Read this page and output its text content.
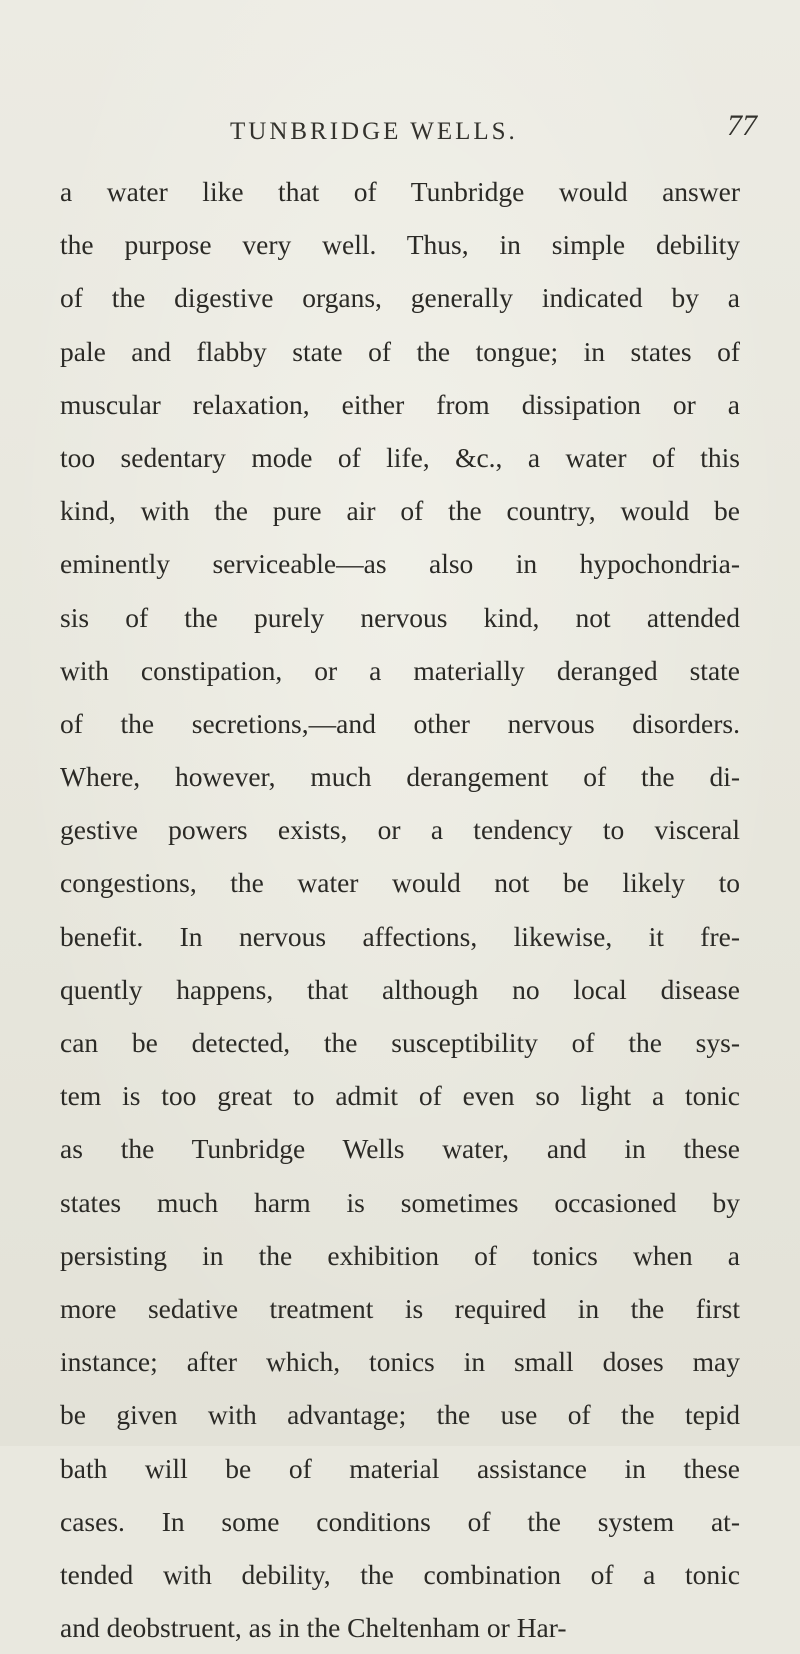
TUNBRIDGE WELLS.	77
a water like that of Tunbridge would answer
the purpose very well. Thus, in simple debility
of the digestive organs, generally indicated by a
pale and flabby state of the tongue; in states of
muscular relaxation, either from dissipation or a
too sedentary mode of life, &c., a water of this
kind, with the pure air of the country, would be
eminently serviceable—as also in hypochondria-
sis of the purely nervous kind, not attended
with constipation, or a materially deranged state
of the secretions,—and other nervous disorders.
Where, however, much derangement of the di-
gestive powers exists, or a tendency to visceral
congestions, the water would not be likely to
benefit. In nervous affections, likewise, it fre-
quently happens, that although no local disease
can be detected, the susceptibility of the sys-
tem is too great to admit of even so light a tonic
as the Tunbridge Wells water, and in these
states much harm is sometimes occasioned by
persisting in the exhibition of tonics when a
more sedative treatment is required in the first
instance; after which, tonics in small doses may
be given with advantage; the use of the tepid
bath will be of material assistance in these
cases. In some conditions of the system at-
tended with debility, the combination of a tonic
and deobstruent, as in the Cheltenham or Har-
